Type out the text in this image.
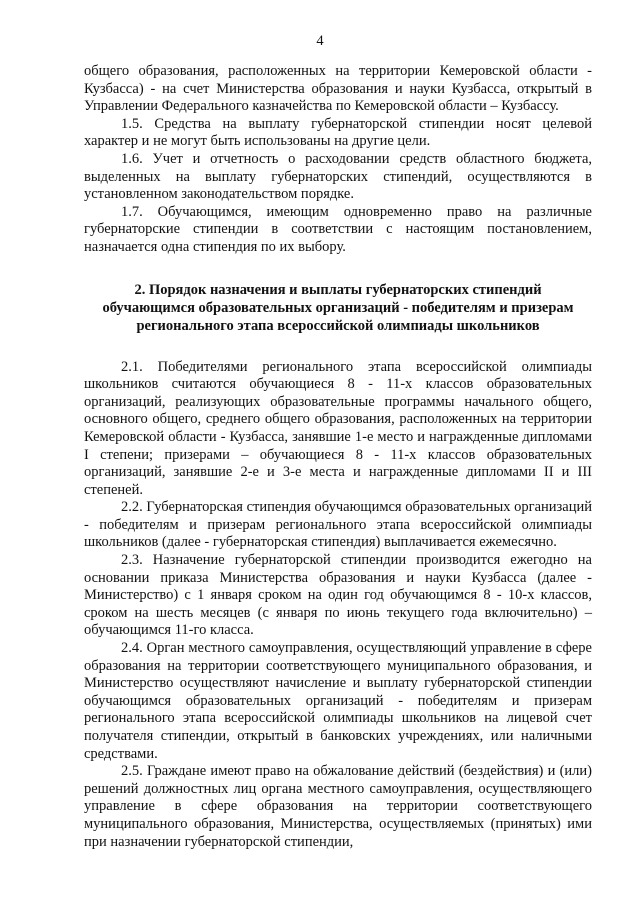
4

общего образования, расположенных на территории Кемеровской области - Кузбасса) - на счет Министерства образования и науки Кузбасса, открытый в Управлении Федерального казначейства по Кемеровской области – Кузбассу.

1.5. Средства на выплату губернаторской стипендии носят целевой характер и не могут быть использованы на другие цели.

1.6. Учет и отчетность о расходовании средств областного бюджета, выделенных на выплату губернаторских стипендий, осуществляются в установленном законодательством порядке.

1.7. Обучающимся, имеющим одновременно право на различные губернаторские стипендии в соответствии с настоящим постановлением, назначается одна стипендия по их выбору.

2. Порядок назначения и выплаты губернаторских стипендий
обучающимся образовательных организаций - победителям и призерам
регионального этапа всероссийской олимпиады школьников

2.1. Победителями регионального этапа всероссийской олимпиады школьников считаются обучающиеся 8 - 11-х классов образовательных организаций, реализующих образовательные программы начального общего, основного общего, среднего общего образования, расположенных на территории Кемеровской области - Кузбасса, занявшие 1-е место и награжденные дипломами I степени; призерами – обучающиеся 8 - 11-х классов образовательных организаций, занявшие 2-е и 3-е места и награжденные дипломами II и III степеней.

2.2. Губернаторская стипендия обучающимся образовательных организаций - победителям и призерам регионального этапа всероссийской олимпиады школьников (далее - губернаторская стипендия) выплачивается ежемесячно.

2.3. Назначение губернаторской стипендии производится ежегодно на основании приказа Министерства образования и науки Кузбасса (далее - Министерство) с 1 января сроком на один год обучающимся 8 - 10-х классов, сроком на шесть месяцев (с января по июнь текущего года включительно) – обучающимся 11-го класса.

2.4. Орган местного самоуправления, осуществляющий управление в сфере образования на территории соответствующего муниципального образования, и Министерство осуществляют начисление и выплату губернаторской стипендии обучающимся образовательных организаций - победителям и призерам регионального этапа всероссийской олимпиады школьников на лицевой счет получателя стипендии, открытый в банковских учреждениях, или наличными средствами.

2.5. Граждане имеют право на обжалование действий (бездействия) и (или) решений должностных лиц органа местного самоуправления, осуществляющего управление в сфере образования на территории соответствующего муниципального образования, Министерства, осуществляемых (принятых) ими при назначении губернаторской стипендии,
